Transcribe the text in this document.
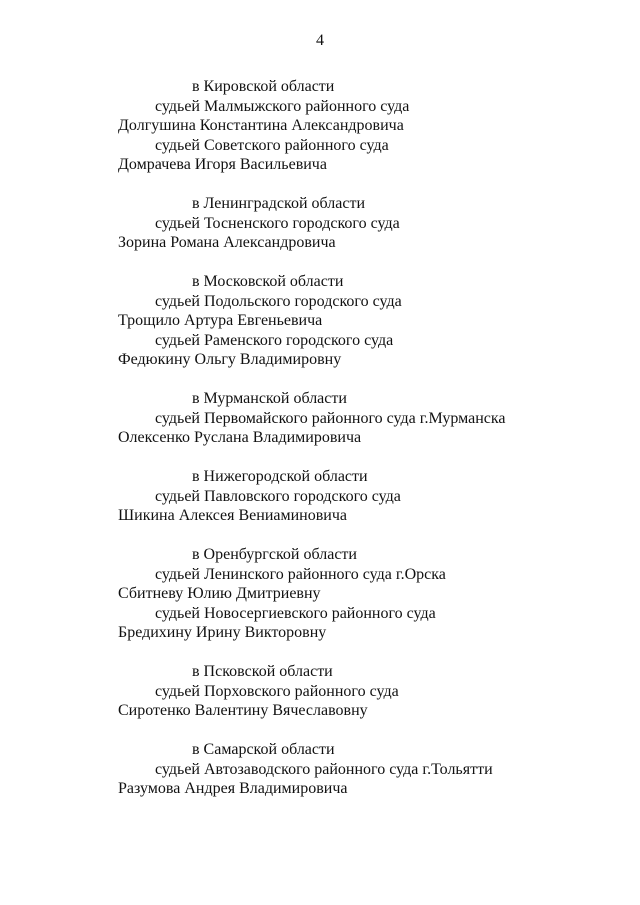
4
в Кировской области
судьей Малмыжского районного суда
Долгушина Константина Александровича
судьей Советского районного суда
Домрачева Игоря Васильевича
в Ленинградской области
судьей Тосненского городского суда
Зорина Романа Александровича
в Московской области
судьей Подольского городского суда
Трощило Артура Евгеньевича
судьей Раменского городского суда
Федюкину Ольгу Владимировну
в Мурманской области
судьей Первомайского районного суда г.Мурманска
Олексенко Руслана Владимировича
в Нижегородской области
судьей Павловского городского суда
Шикина Алексея Вениаминовича
в Оренбургской области
судьей Ленинского районного суда г.Орска
Сбитневу Юлию Дмитриевну
судьей Новосергиевского районного суда
Бредихину Ирину Викторовну
в Псковской области
судьей Порховского районного суда
Сиротенко Валентину Вячеславовну
в Самарской области
судьей Автозаводского районного суда г.Тольятти
Разумова Андрея Владимировича
